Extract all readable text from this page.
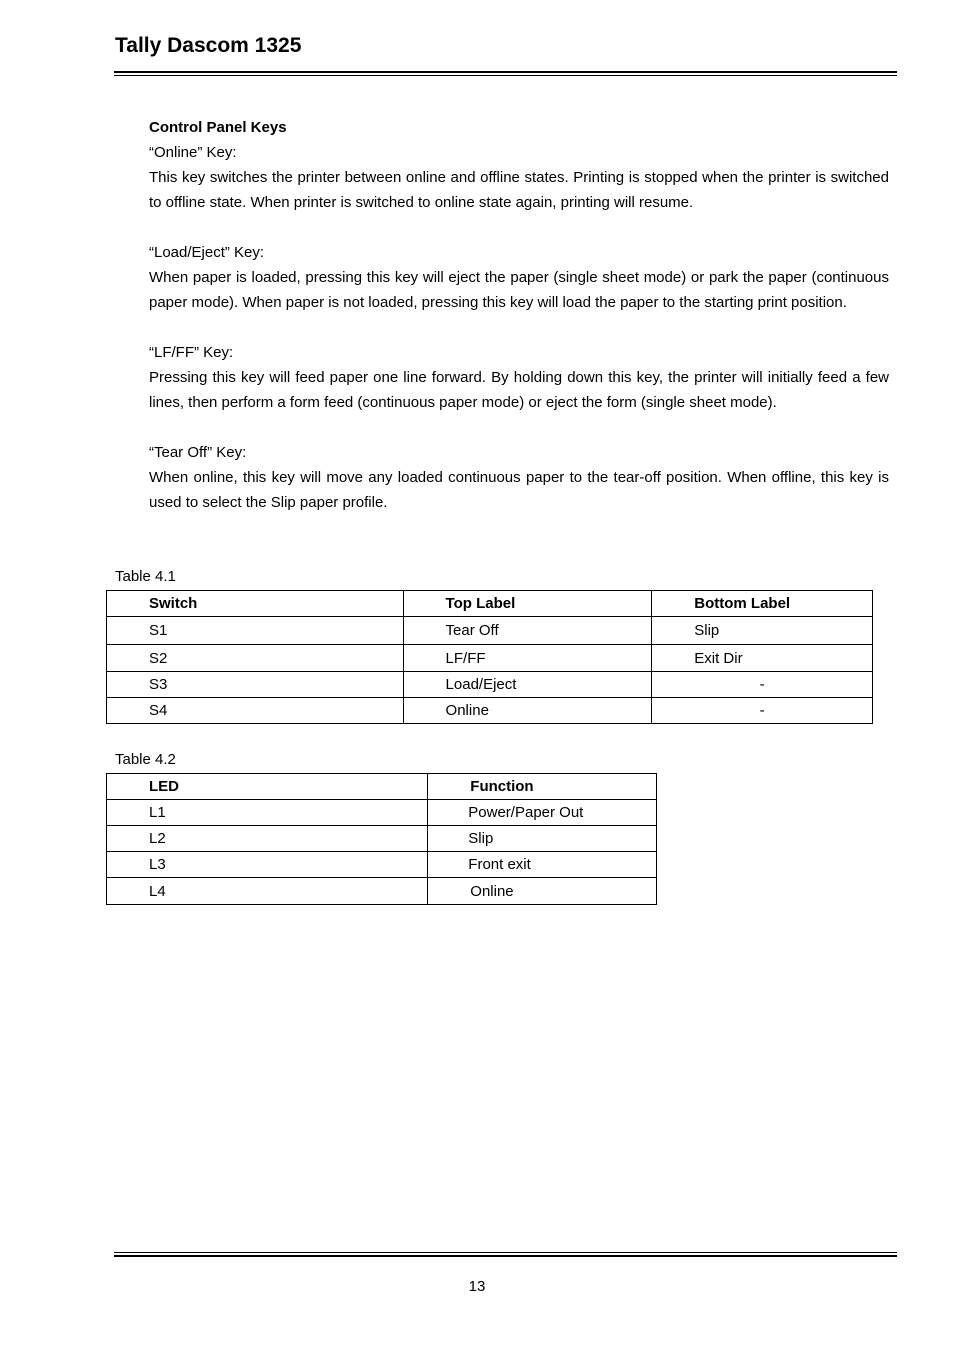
Tally Dascom 1325

Control Panel Keys

“Online” Key:

This key switches the printer between online and offline states. Printing is stopped when the printer is switched to offline state. When printer is switched to online state again, printing will resume.

“Load/Eject” Key:

When paper is loaded, pressing this key will eject the paper (single sheet mode) or park the paper (continuous paper mode). When paper is not loaded, pressing this key will load the paper to the starting print position.

“LF/FF” Key:

Pressing this key will feed paper one line forward. By holding down this key, the printer will initially feed a few lines, then perform a form feed (continuous paper mode) or eject the form (single sheet mode).

“Tear Off” Key:

When online, this key will move any loaded continuous paper to the tear-off position. When offline, this key is used to select the Slip paper profile.

Table 4.1

Switch	Top Label	Bottom Label
S1	Tear Off	Slip
S2	LF/FF	Exit Dir
S3	Load/Eject	-
S4	Online	-

Table 4.2

LED	Function
L1	Power/Paper Out
L2	Slip
L3	Front exit
L4	Online
13
